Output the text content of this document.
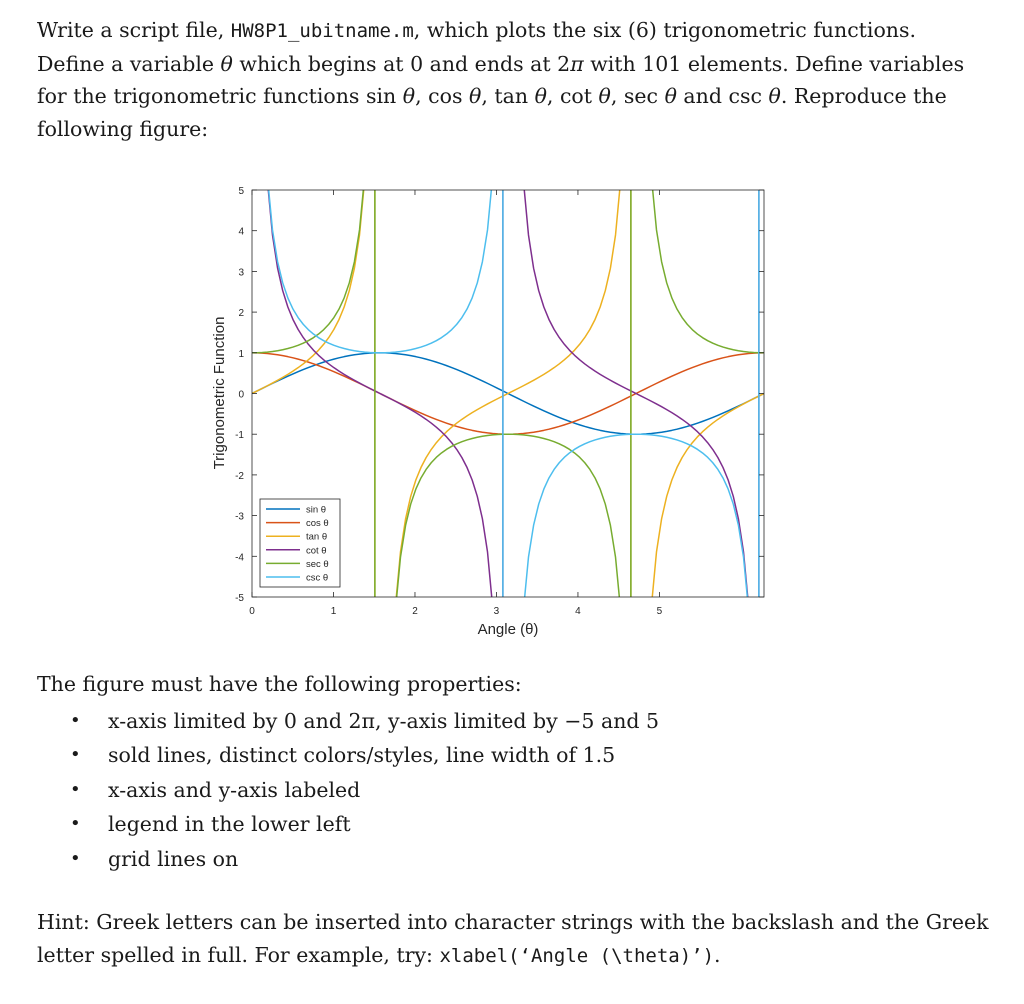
Write a script file, HW8P1_ubitname.m, which plots the six (6) trigonometric functions.
Define a variable θ which begins at 0 and ends at 2π with 101 elements. Define variables
for the trigonometric functions sin θ, cos θ, tan θ, cot θ, sec θ and csc θ. Reproduce the
following figure:
0	1	2	3	4	5
-5
-4
-3
-2
-1
0
1
2
3
4
5
Angle (θ)
Trigonometric Function
sin θ
cos θ
tan θ
cot θ
sec θ
csc θ
The figure must have the following properties:
• x-axis limited by 0 and 2π, y-axis limited by −5 and 5
• sold lines, distinct colors/styles, line width of 1.5
• x-axis and y-axis labeled
• legend in the lower left
• grid lines on
Hint: Greek letters can be inserted into character strings with the backslash and the Greek
letter spelled in full. For example, try: xlabel(‘Angle (\theta)’).
